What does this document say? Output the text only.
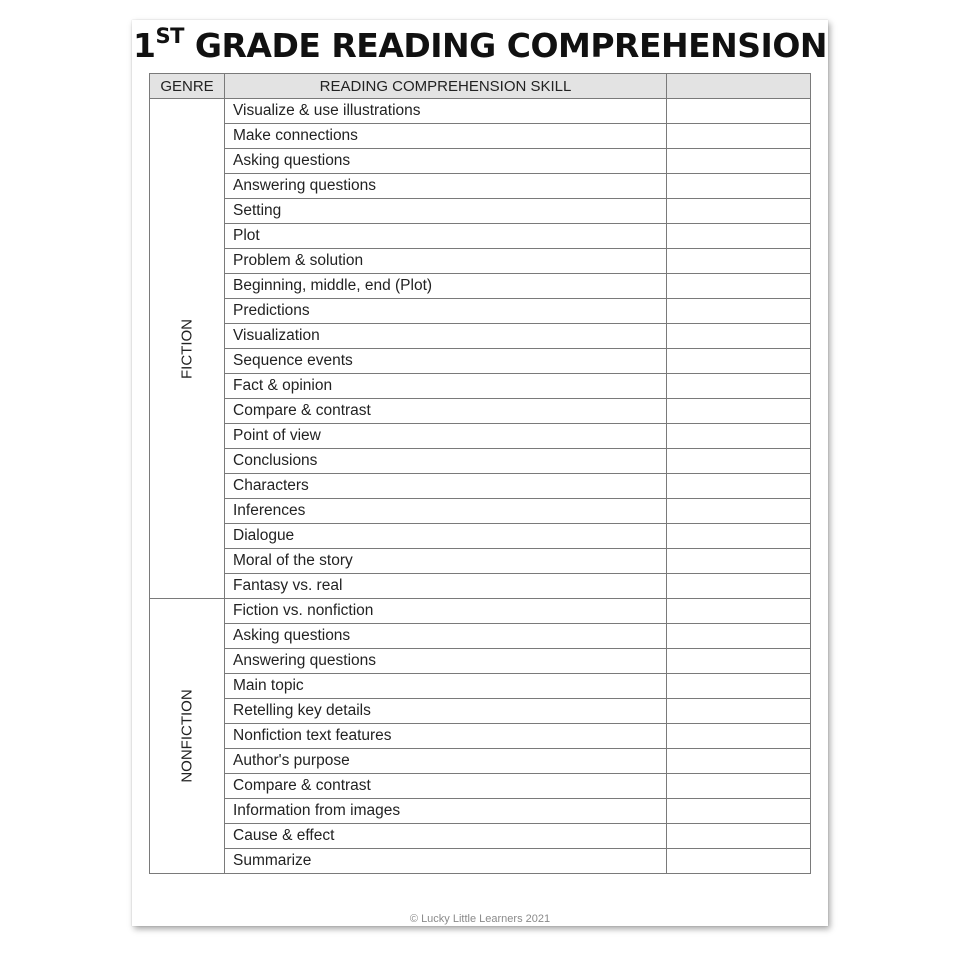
1ST GRADE READING COMPREHENSION
GENRE	READING COMPREHENSION SKILL	

FICTION	Visualize & use illustrations	
	Make connections	
	Asking questions	
	Answering questions	
	Setting	
	Plot	
	Problem & solution	
	Beginning, middle, end (Plot)	
	Predictions	
	Visualization	
	Sequence events	
	Fact & opinion	
	Compare & contrast	
	Point of view	
	Conclusions	
	Characters	
	Inferences	
	Dialogue	
	Moral of the story	
	Fantasy vs. real	

NONFICTION	Fiction vs. nonfiction	
	Asking questions	
	Answering questions	
	Main topic	
	Retelling key details	
	Nonfiction text features	
	Author's purpose	
	Compare & contrast	
	Information from images	
	Cause & effect	
	Summarize	
© Lucky Little Learners 2021
